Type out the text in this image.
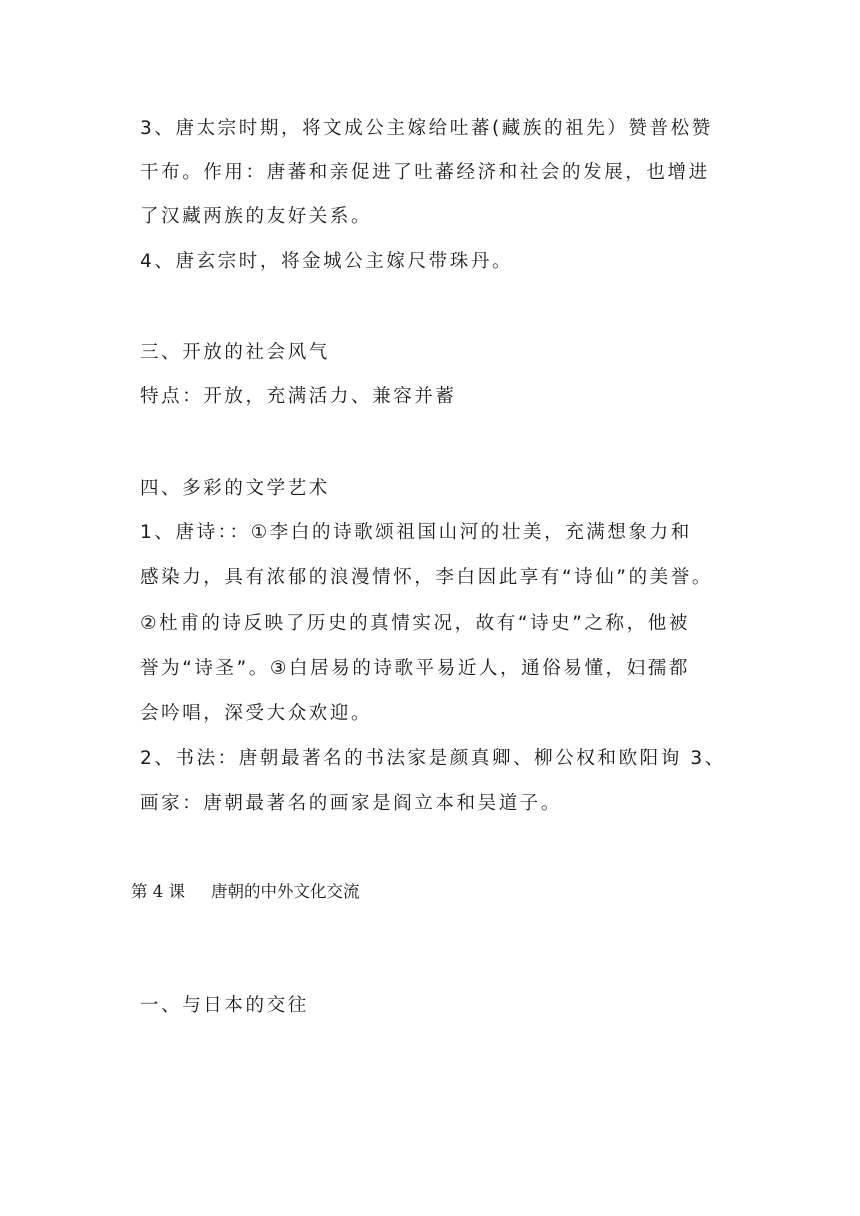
3、唐太宗时期，将文成公主嫁给吐蕃(藏族的祖先）赞普松赞
干布。作用：唐蕃和亲促进了吐蕃经济和社会的发展，也增进
了汉藏两族的友好关系。
4、唐玄宗时，将金城公主嫁尺带珠丹。
三、开放的社会风气
特点：开放，充满活力、兼容并蓄
四、多彩的文学艺术
1、唐诗：：①李白的诗歌颂祖国山河的壮美，充满想象力和
感染力，具有浓郁的浪漫情怀，李白因此享有“诗仙”的美誉。
②杜甫的诗反映了历史的真情实况，故有“诗史”之称，他被
誉为“诗圣”。③白居易的诗歌平易近人，通俗易懂，妇孺都
会吟唱，深受大众欢迎。
2、书法：唐朝最著名的书法家是颜真卿、柳公权和欧阳询 3、
画家：唐朝最著名的画家是阎立本和吴道子。
第 4 课 唐朝的中外文化交流
一、与日本的交往
